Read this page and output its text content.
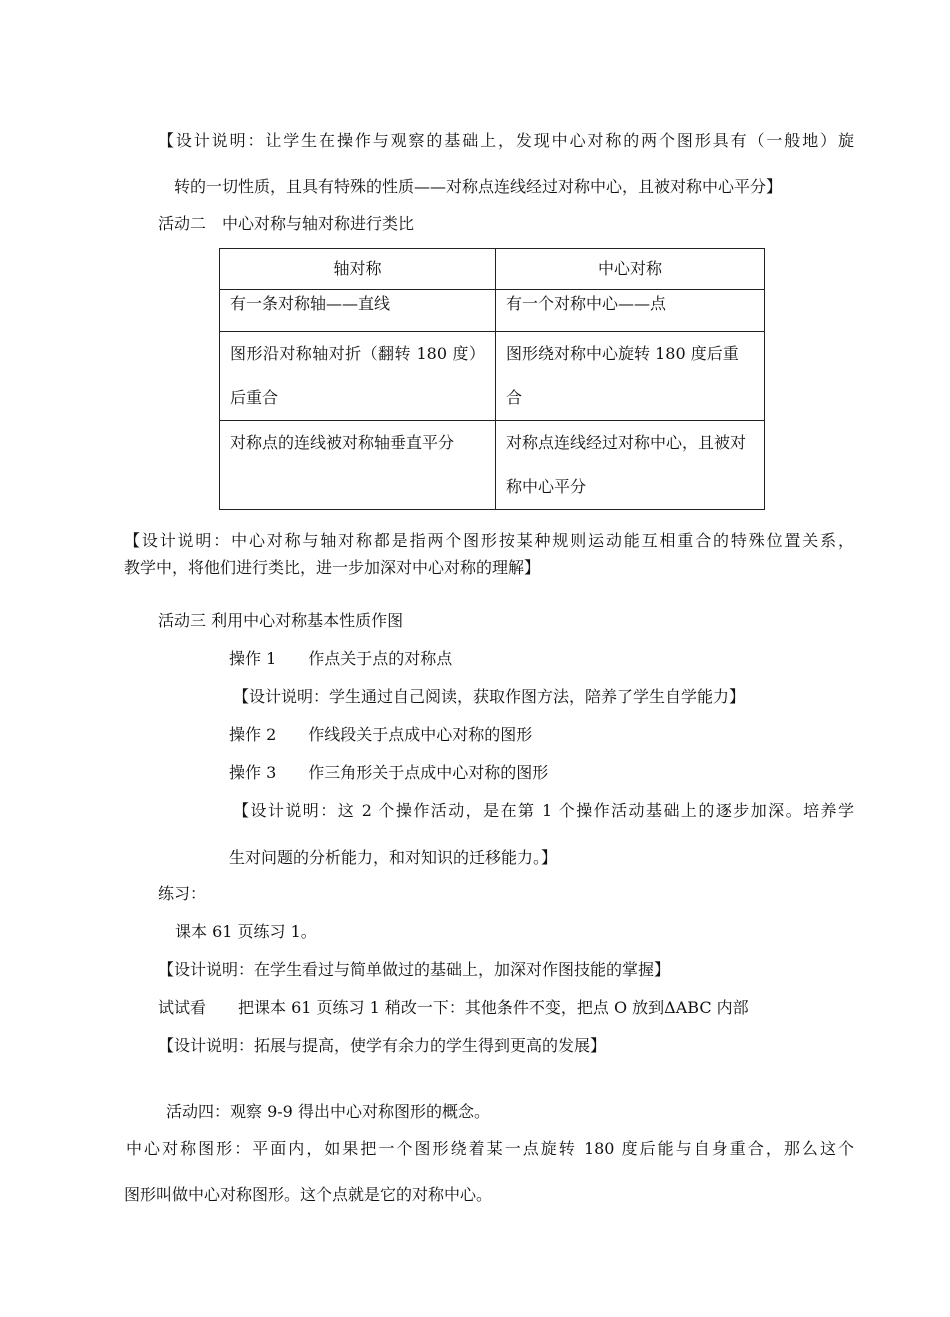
【设计说明：让学生在操作与观察的基础上，发现中心对称的两个图形具有（一般地）旋
转的一切性质，且具有特殊的性质——对称点连线经过对称中心，且被对称中心平分】
活动二　中心对称与轴对称进行类比
轴对称	中心对称
有一条对称轴——直线	有一个对称中心——点
图形沿对称轴对折（翻转 180 度）后重合	图形绕对称中心旋转 180 度后重合
对称点的连线被对称轴垂直平分	对称点连线经过对称中心，且被对称中心平分
【设计说明：中心对称与轴对称都是指两个图形按某种规则运动能互相重合的特殊位置关系，
教学中，将他们进行类比，进一步加深对中心对称的理解】
活动三 利用中心对称基本性质作图
操作 1　　作点关于点的对称点
【设计说明：学生通过自己阅读，获取作图方法，陪养了学生自学能力】
操作 2　　作线段关于点成中心对称的图形
操作 3　　作三角形关于点成中心对称的图形
【设计说明：这 2 个操作活动，是在第 1 个操作活动基础上的逐步加深。培养学
生对问题的分析能力，和对知识的迁移能力。】
练习：
课本 61 页练习 1。
【设计说明：在学生看过与简单做过的基础上，加深对作图技能的掌握】
试试看　　把课本 61 页练习 1 稍改一下：其他条件不变，把点 O 放到ΔABC 内部
【设计说明：拓展与提高，使学有余力的学生得到更高的发展】
活动四：观察 9-9 得出中心对称图形的概念。
中心对称图形：平面内，如果把一个图形绕着某一点旋转 180 度后能与自身重合，那么这个
图形叫做中心对称图形。这个点就是它的对称中心。
